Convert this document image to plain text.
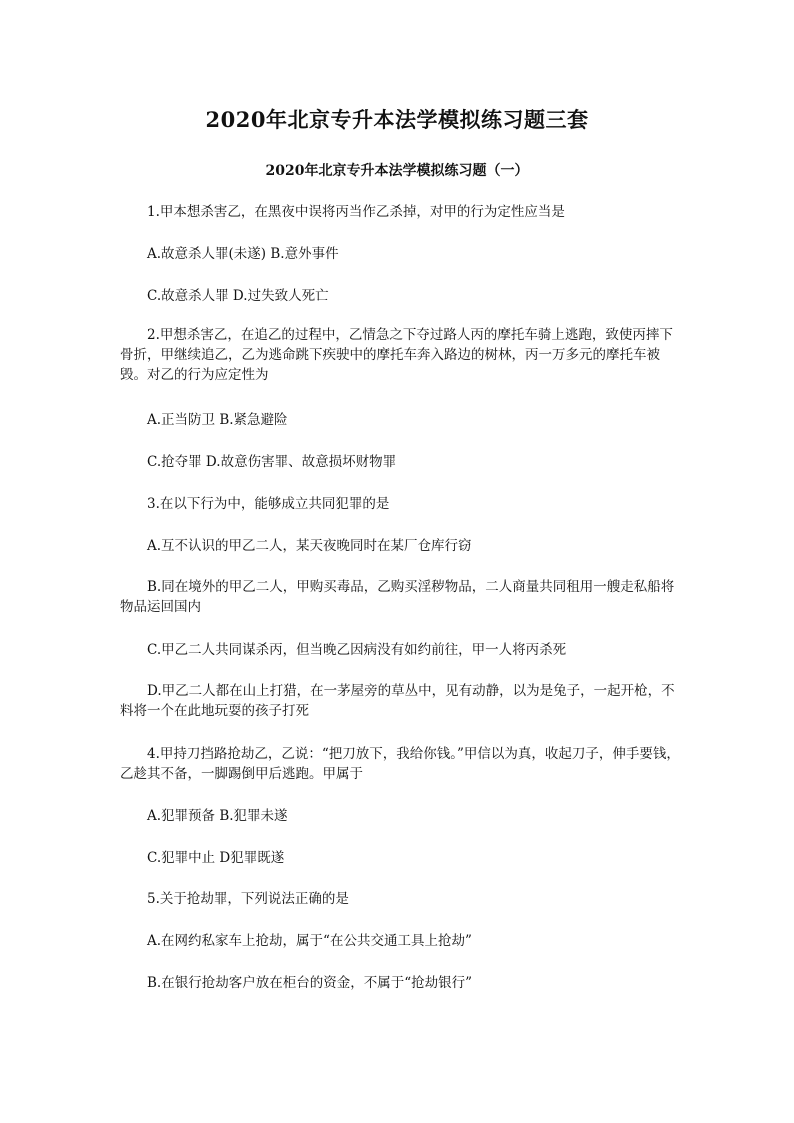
2020年北京专升本法学模拟练习题三套
2020年北京专升本法学模拟练习题（一）
1.甲本想杀害乙，在黑夜中误将丙当作乙杀掉，对甲的行为定性应当是
A.故意杀人罪(未遂) B.意外事件
C.故意杀人罪 D.过失致人死亡
2.甲想杀害乙，在追乙的过程中，乙情急之下夺过路人丙的摩托车骑上逃跑，致使丙摔下骨折，甲继续追乙，乙为逃命跳下疾驶中的摩托车奔入路边的树林，丙一万多元的摩托车被毁。对乙的行为应定性为
A.正当防卫 B.紧急避险
C.抢夺罪 D.故意伤害罪、故意损坏财物罪
3.在以下行为中，能够成立共同犯罪的是
A.互不认识的甲乙二人，某天夜晚同时在某厂仓库行窃
B.同在境外的甲乙二人，甲购买毒品，乙购买淫秽物品，二人商量共同租用一艘走私船将物品运回国内
C.甲乙二人共同谋杀丙，但当晚乙因病没有如约前往，甲一人将丙杀死
D.甲乙二人都在山上打猎，在一茅屋旁的草丛中，见有动静，以为是兔子，一起开枪，不料将一个在此地玩耍的孩子打死
4.甲持刀挡路抢劫乙，乙说：“把刀放下，我给你钱。”甲信以为真，收起刀子，伸手要钱，乙趁其不备，一脚踢倒甲后逃跑。甲属于
A.犯罪预备 B.犯罪未遂
C.犯罪中止 D犯罪既遂
5.关于抢劫罪，下列说法正确的是
A.在网约私家车上抢劫，属于“在公共交通工具上抢劫”
B.在银行抢劫客户放在柜台的资金，不属于“抢劫银行”
